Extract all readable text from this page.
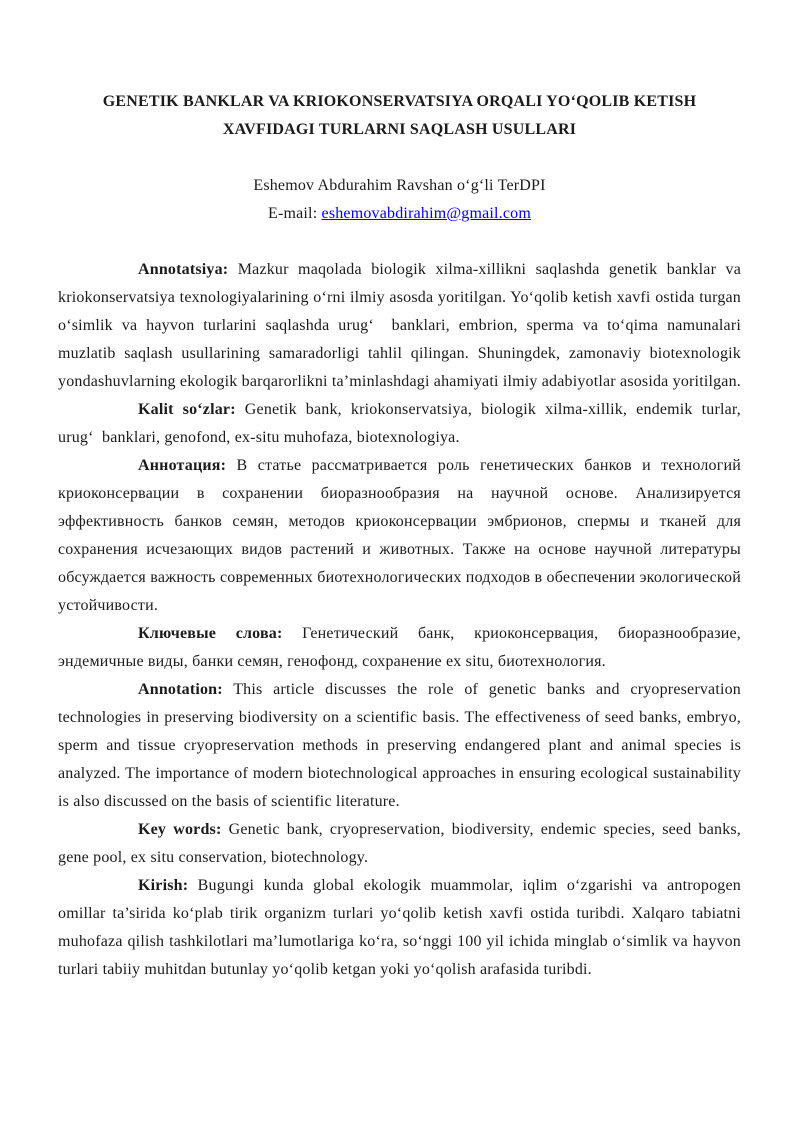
GENETIK BANKLAR VA KRIOKONSERVATSIYA ORQALI YO‘QOLIB KETISH
XAVFIDAGI TURLARNI SAQLASH USULLARI
Eshemov Abdurahim Ravshan o‘g‘li TerDPI
E-mail: eshemovabdirahim@gmail.com

Annotatsiya: Mazkur maqolada biologik xilma-xillikni saqlashda genetik banklar va kriokonservatsiya texnologiyalarining o‘rni ilmiy asosda yoritilgan. Yo‘qolib ketish xavfi ostida turgan o‘simlik va hayvon turlarini saqlashda urug‘  banklari, embrion, sperma va to‘qima namunalari muzlatib saqlash usullarining samaradorligi tahlil qilingan. Shuningdek, zamonaviy biotexnologik yondashuvlarning ekologik barqarorlikni ta’minlashdagi ahamiyati ilmiy adabiyotlar asosida yoritilgan.

Kalit so‘zlar: Genetik bank, kriokonservatsiya, biologik xilma-xillik, endemik turlar, urug‘  banklari, genofond, ex-situ muhofaza, biotexnologiya.

Аннотация: В статье рассматривается роль генетических банков и технологий криоконсервации в сохранении биоразнообразия на научной основе. Анализируется эффективность банков семян, методов криоконсервации эмбрионов, спермы и тканей для сохранения исчезающих видов растений и животных. Также на основе научной литературы обсуждается важность современных биотехнологических подходов в обеспечении экологической устойчивости.

Ключевые слова: Генетический банк, криоконсервация, биоразнообразие, эндемичные виды, банки семян, генофонд, сохранение ex situ, биотехнология.

Annotation: This article discusses the role of genetic banks and cryopreservation technologies in preserving biodiversity on a scientific basis. The effectiveness of seed banks, embryo, sperm and tissue cryopreservation methods in preserving endangered plant and animal species is analyzed. The importance of modern biotechnological approaches in ensuring ecological sustainability is also discussed on the basis of scientific literature.

Key words: Genetic bank, cryopreservation, biodiversity, endemic species, seed banks, gene pool, ex situ conservation, biotechnology.

Kirish: Bugungi kunda global ekologik muammolar, iqlim o‘zgarishi va antropogen omillar ta’sirida ko‘plab tirik organizm turlari yo‘qolib ketish xavfi ostida turibdi. Xalqaro tabiatni muhofaza qilish tashkilotlari ma’lumotlariga ko‘ra, so‘nggi 100 yil ichida minglab o‘simlik va hayvon turlari tabiiy muhitdan butunlay yo‘qolib ketgan yoki yo‘qolish arafasida turibdi.
